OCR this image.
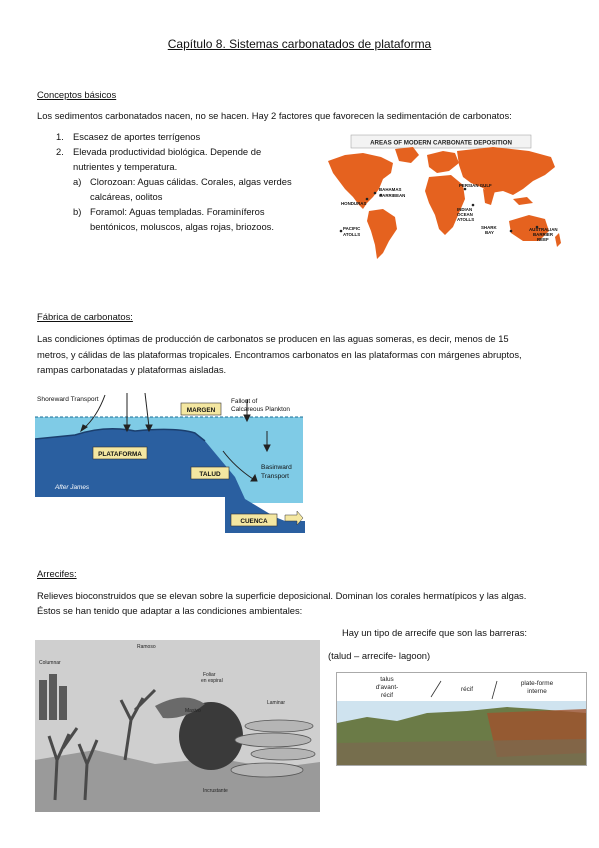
Capítulo 8. Sistemas carbonatados de plataforma
Conceptos básicos
Los sedimentos carbonatados nacen, no se hacen. Hay 2 factores que favorecen la sedimentación de carbonatos:
1. Escasez de aportes terrígenos
2. Elevada productividad biológica. Depende de
nutrientes y temperatura.
a) Clorozoan: Aguas cálidas. Corales, algas verdes
calcáreas, oolitos
b) Foramol: Aguas templadas. Foraminíferos
bentónicos, moluscos, algas rojas, briozoos.
AREAS OF MODERN CARBONATE DEPOSITION
BAHAMAS
CARRIBEAN
HONDURAS
PACIFIC
ATOLLS
PERSIAN GULF
INDIAN
OCEAN
ATOLLS
SHARK
BAY
AUSTRALIAN
BARRIER
REEF
Fábrica de carbonatos:
Las condiciones óptimas de producción de carbonatos se producen en las aguas someras, es decir, menos de 15
metros, y cálidas de las plataformas tropicales. Encontramos carbonatos en las plataformas con márgenes abruptos,
rampas carbonatadas y plataformas aisladas.
Shoreward Transport
MARGEN
Fallout of
Calcareous Plankton
PLATAFORMA
TALUD
Basinward
Transport
After James
CUENCA
Arrecifes:
Relieves bioconstruidos que se elevan sobre la superficie deposicional. Dominan los corales hermatípicos y las algas.
Éstos se han tenido que adaptar a las condiciones ambientales:
Hay un tipo de arrecife que son las barreras:
(talud – arrecife- lagoon)
Ramoso
Columnar
Foliar
en espiral
Masivo
Laminar
Incrustante
talus
d'avant-
récif
récif
plate-forme
interne
